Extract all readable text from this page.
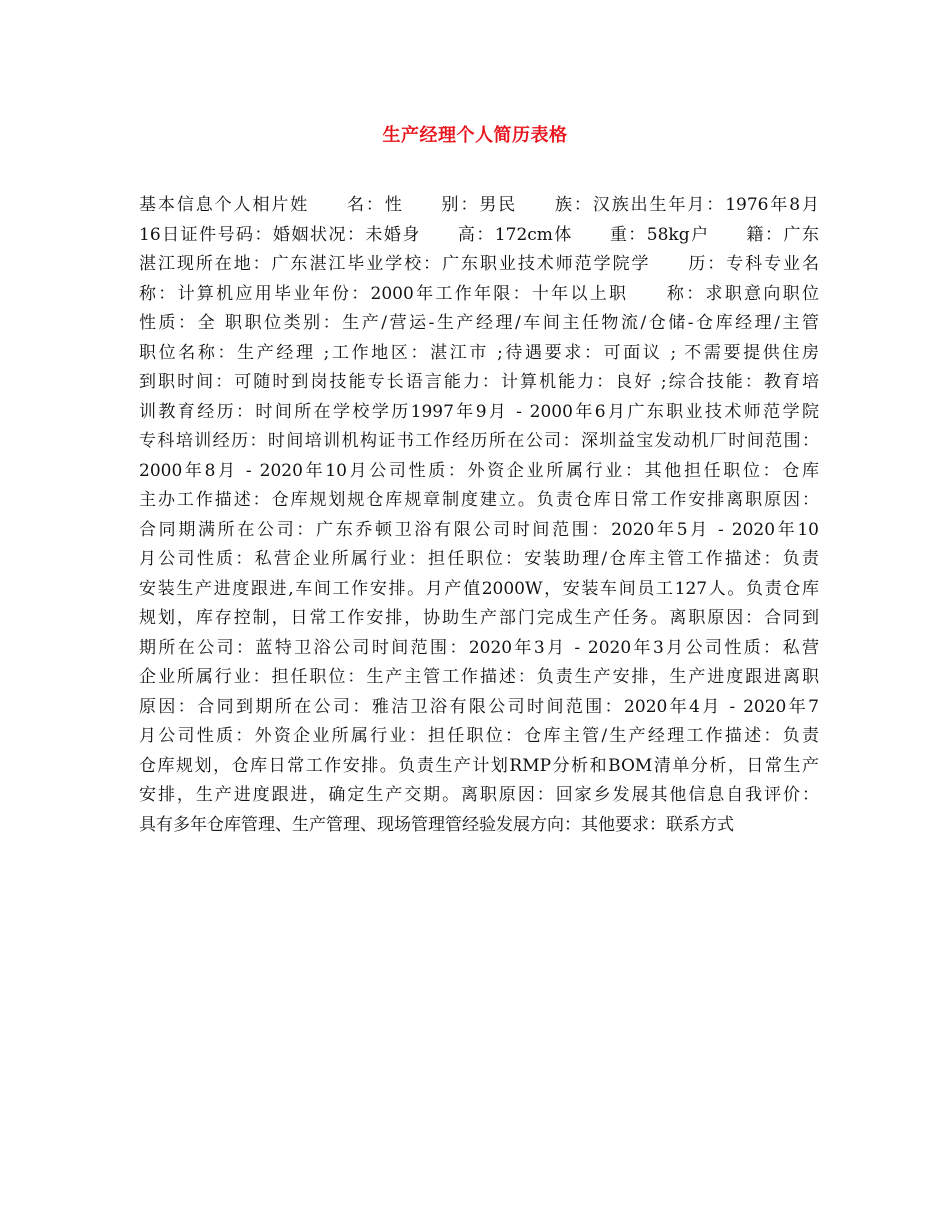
生产经理个人简历表格
基本信息个人相片姓　　名：性　　别：男民　　族：汉族出生年月：1976年8月
16日证件号码：婚姻状况：未婚身　　高：172cm体　　重：58kg户　　籍：广东
湛江现所在地：广东湛江毕业学校：广东职业技术师范学院学　　历：专科专业名
称：计算机应用毕业年份：2000年工作年限：十年以上职　　称：求职意向职位
性质：全 职职位类别：生产/营运-生产经理/车间主任物流/仓储-仓库经理/主管
职位名称：生产经理 ;工作地区：湛江市 ;待遇要求：可面议 ; 不需要提供住房
到职时间：可随时到岗技能专长语言能力：计算机能力：良好 ;综合技能：教育培
训教育经历：时间所在学校学历1997年9月 - 2000年6月广东职业技术师范学院
专科培训经历：时间培训机构证书工作经历所在公司：深圳益宝发动机厂时间范围：
2000年8月 - 2020年10月公司性质：外资企业所属行业：其他担任职位：仓库
主办工作描述：仓库规划规仓库规章制度建立。负责仓库日常工作安排离职原因：
合同期满所在公司：广东乔顿卫浴有限公司时间范围：2020年5月 - 2020年10
月公司性质：私营企业所属行业：担任职位：安装助理/仓库主管工作描述：负责
安装生产进度跟进,车间工作安排。月产值2000W，安装车间员工127人。负责仓库
规划，库存控制，日常工作安排，协助生产部门完成生产任务。离职原因：合同到
期所在公司：蓝特卫浴公司时间范围：2020年3月 - 2020年3月公司性质：私营
企业所属行业：担任职位：生产主管工作描述：负责生产安排，生产进度跟进离职
原因：合同到期所在公司：雅洁卫浴有限公司时间范围：2020年4月 - 2020年7
月公司性质：外资企业所属行业：担任职位：仓库主管/生产经理工作描述：负责
仓库规划，仓库日常工作安排。负责生产计划RMP分析和BOM清单分析，日常生产
安排，生产进度跟进，确定生产交期。离职原因：回家乡发展其他信息自我评价：
具有多年仓库管理、生产管理、现场管理管经验发展方向：其他要求：联系方式
